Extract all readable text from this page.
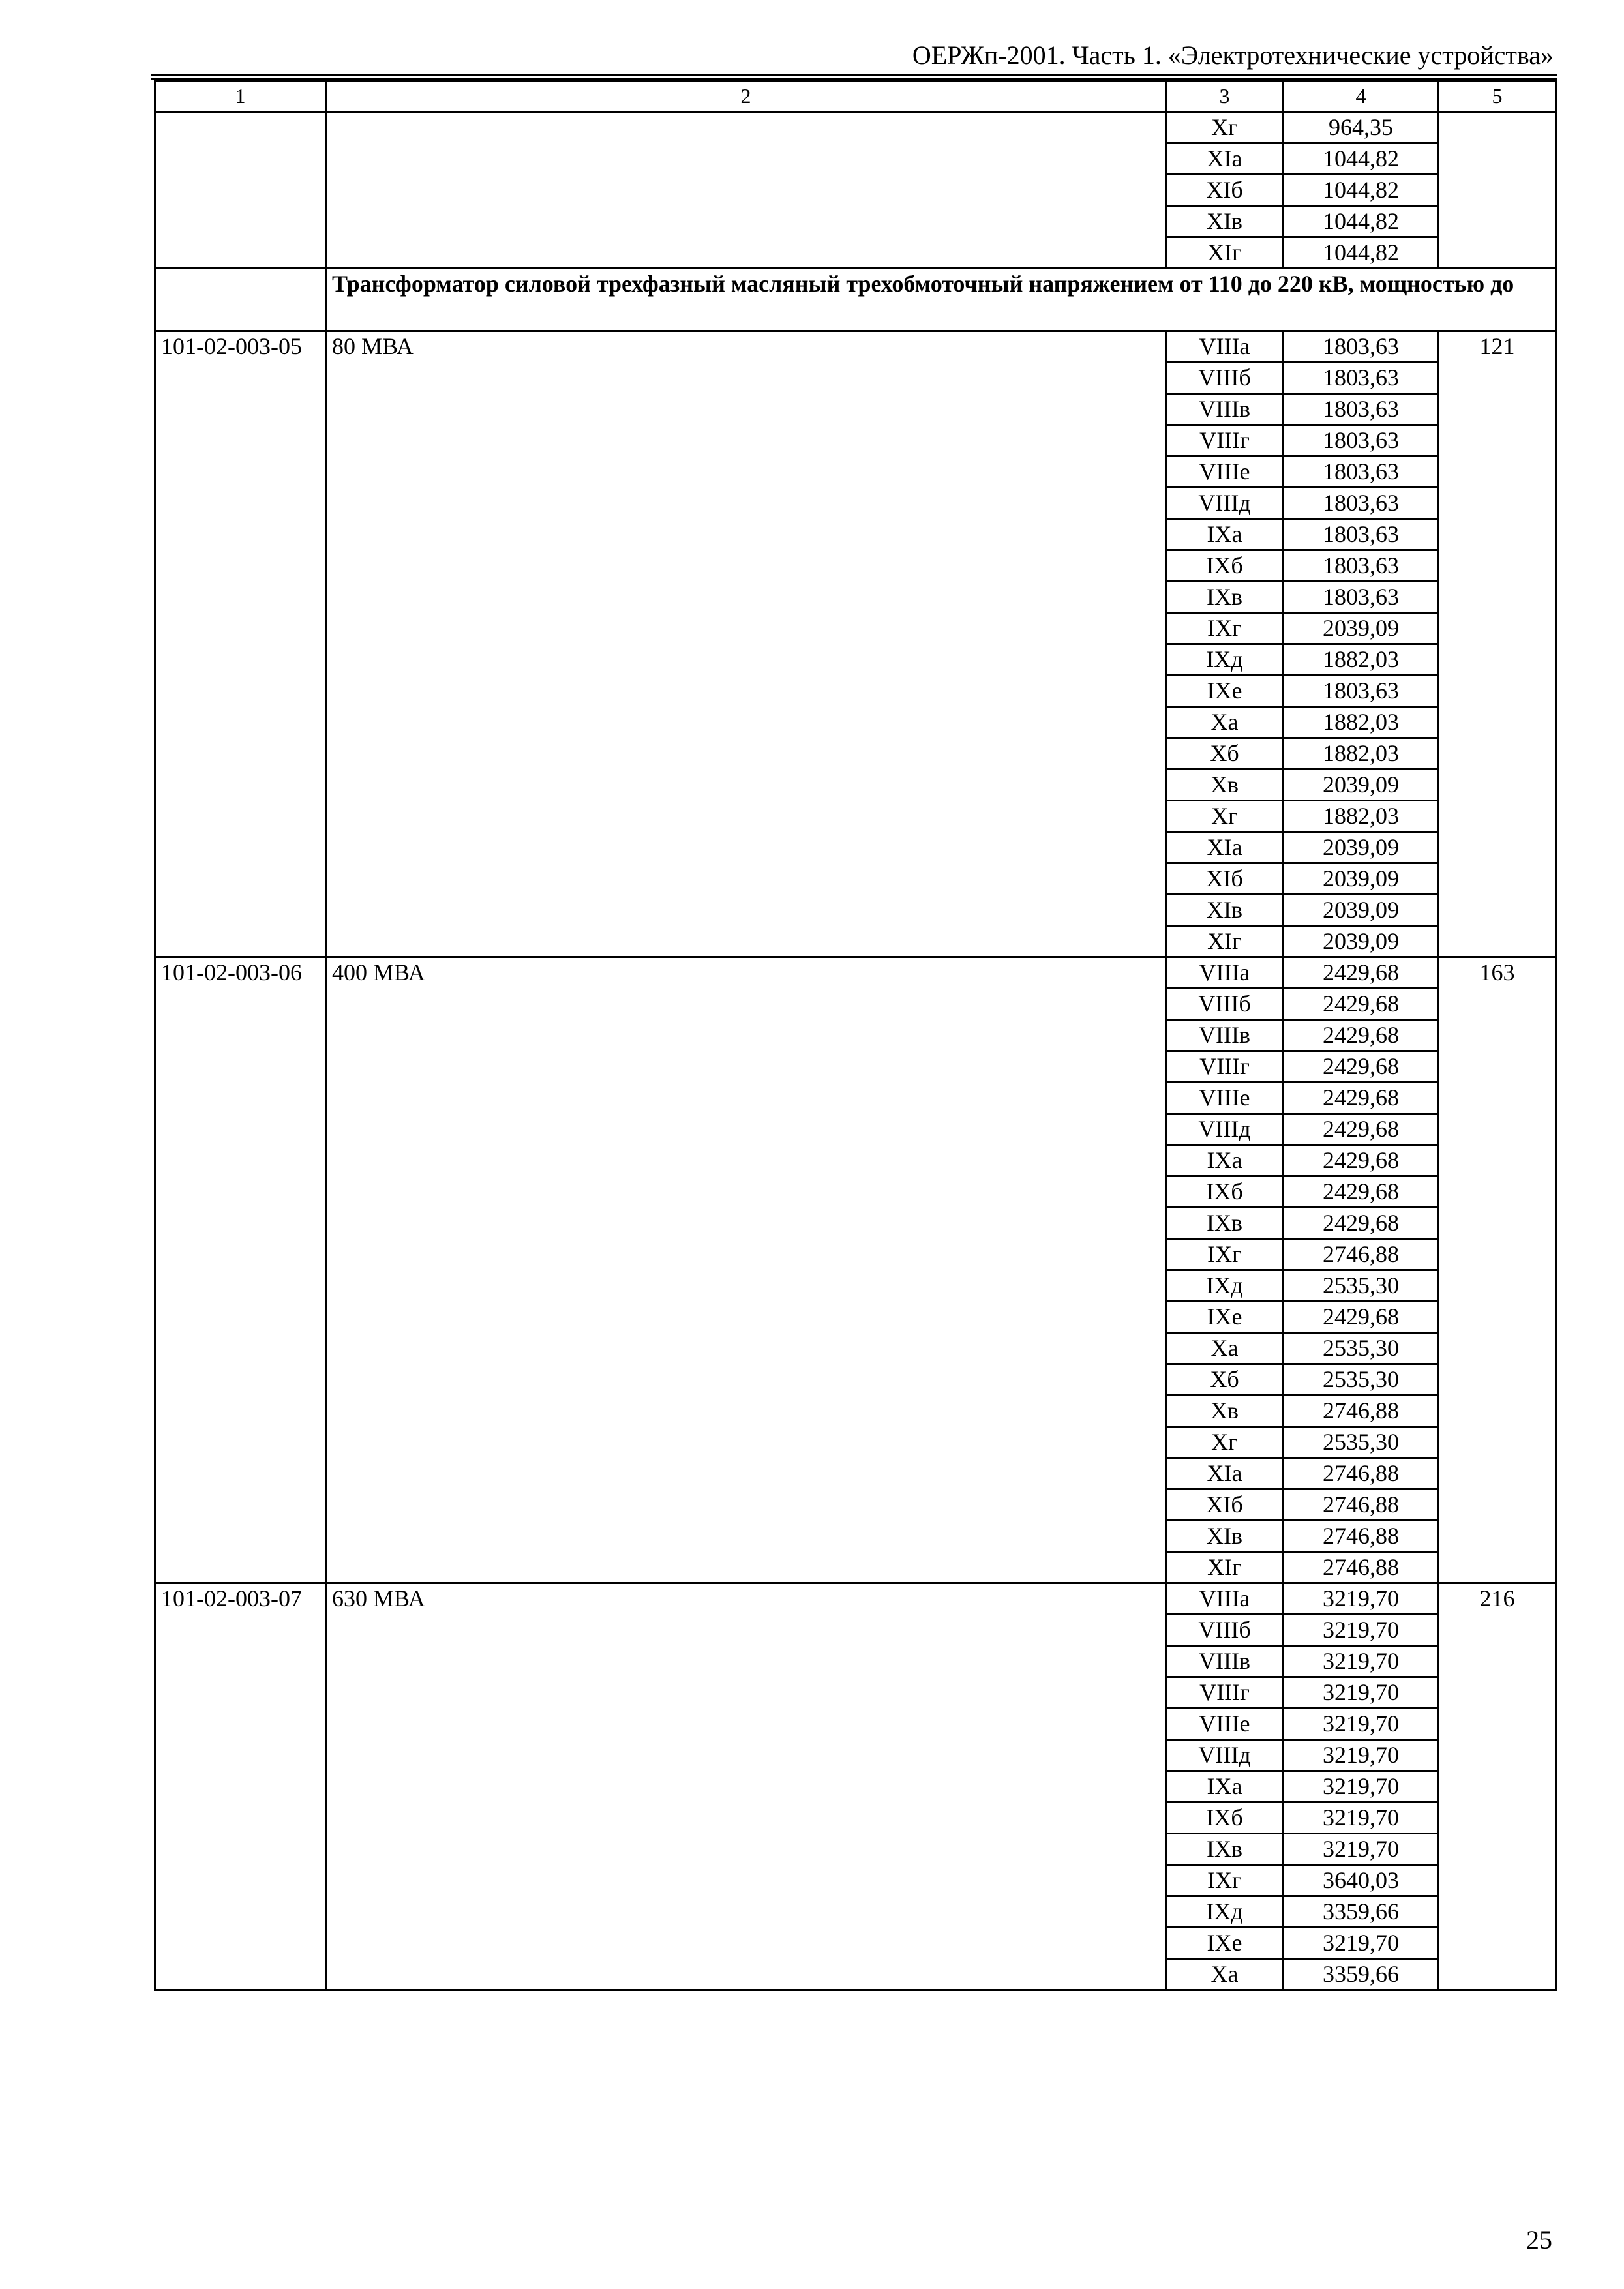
ОЕРЖп-2001. Часть 1. «Электротехнические устройства»
1	2	3	4	5
		Xг	964,35	
		XIа	1044,82	
		XIб	1044,82	
		XIв	1044,82	
		XIг	1044,82	
	Трансформатор силовой трехфазный масляный трехобмоточный напряжением от 110 до 220 кВ, мощностью до			
101-02-003-05	80 МВА	VIIIа	1803,63	121
		VIIIб	1803,63	
		VIIIв	1803,63	
		VIIIг	1803,63	
		VIIIе	1803,63	
		VIIIд	1803,63	
		IXа	1803,63	
		IXб	1803,63	
		IXв	1803,63	
		IXг	2039,09	
		IXд	1882,03	
		IXе	1803,63	
		Xа	1882,03	
		Xб	1882,03	
		Xв	2039,09	
		Xг	1882,03	
		XIа	2039,09	
		XIб	2039,09	
		XIв	2039,09	
		XIг	2039,09	
101-02-003-06	400 МВА	VIIIа	2429,68	163
		VIIIб	2429,68	
		VIIIв	2429,68	
		VIIIг	2429,68	
		VIIIе	2429,68	
		VIIIд	2429,68	
		IXа	2429,68	
		IXб	2429,68	
		IXв	2429,68	
		IXг	2746,88	
		IXд	2535,30	
		IXе	2429,68	
		Xа	2535,30	
		Xб	2535,30	
		Xв	2746,88	
		Xг	2535,30	
		XIа	2746,88	
		XIб	2746,88	
		XIв	2746,88	
		XIг	2746,88	
101-02-003-07	630 МВА	VIIIа	3219,70	216
		VIIIб	3219,70	
		VIIIв	3219,70	
		VIIIг	3219,70	
		VIIIе	3219,70	
		VIIIд	3219,70	
		IXа	3219,70	
		IXб	3219,70	
		IXв	3219,70	
		IXг	3640,03	
		IXд	3359,66	
		IXе	3219,70	
		Xа	3359,66	
25
